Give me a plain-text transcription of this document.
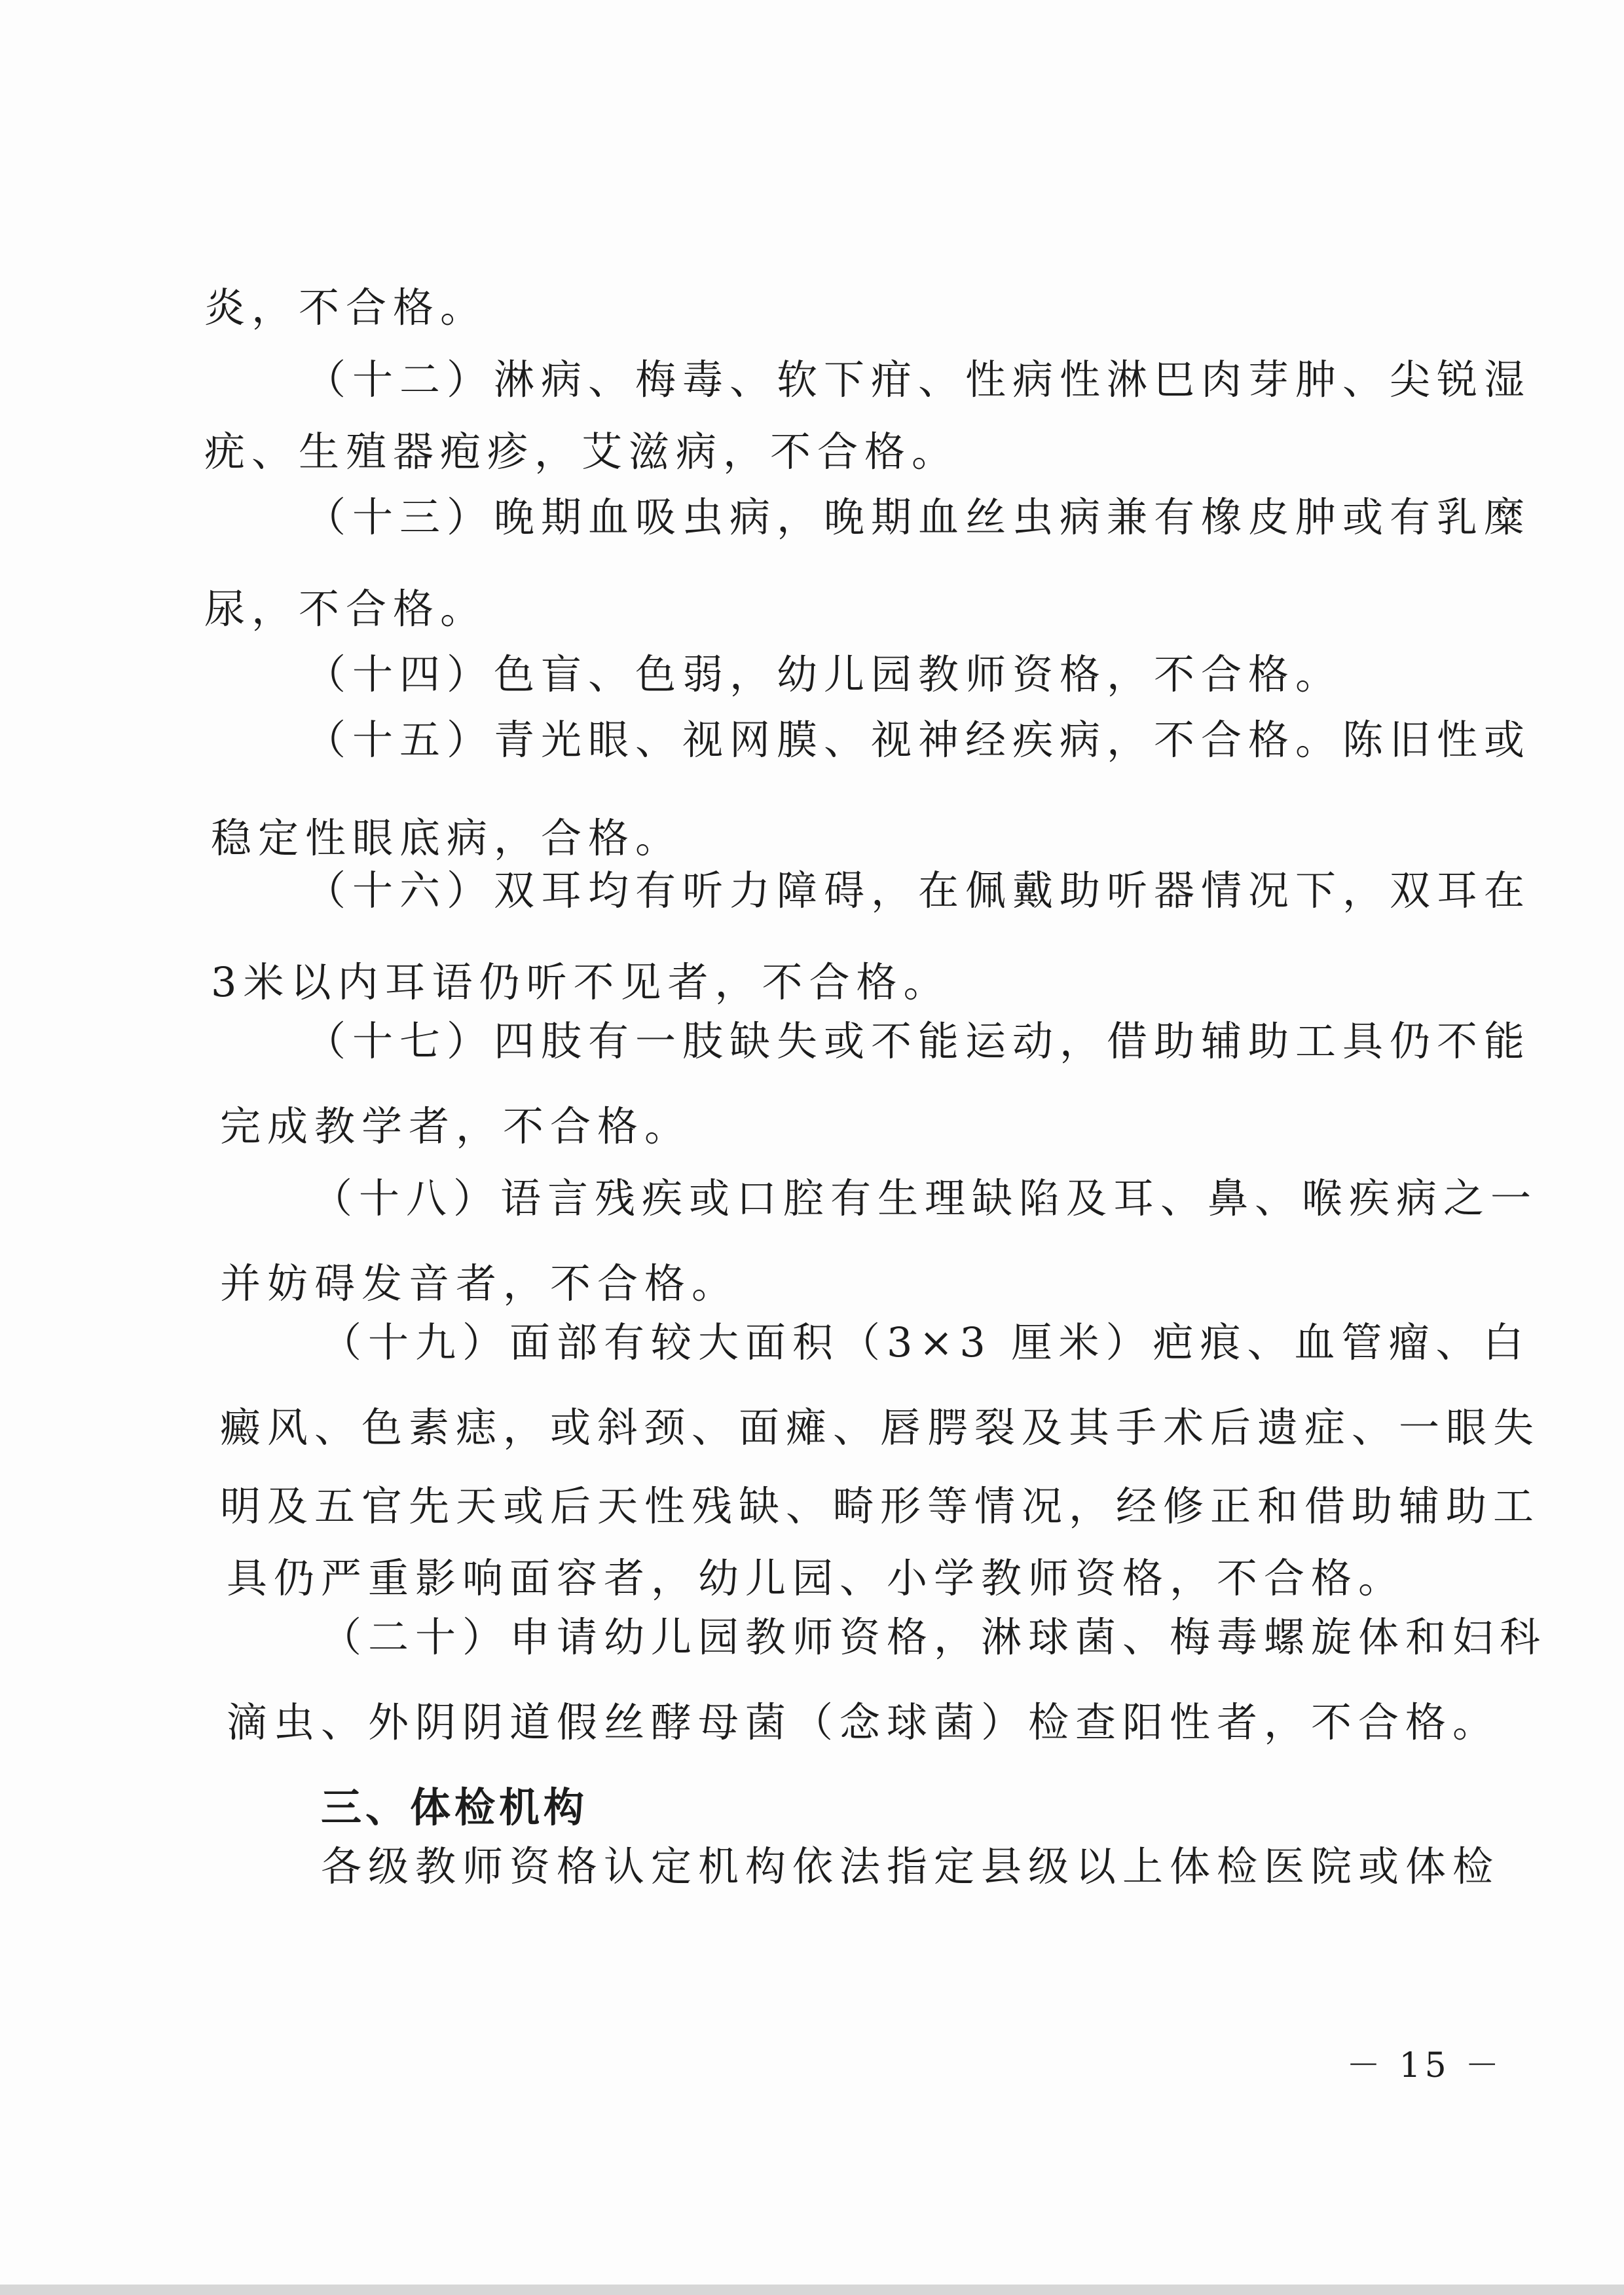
炎，不合格。
（十二）淋病、梅毒、软下疳、性病性淋巴肉芽肿、尖锐湿
疣、生殖器疱疹，艾滋病，不合格。
（十三）晚期血吸虫病，晚期血丝虫病兼有橡皮肿或有乳糜
尿，不合格。
（十四）色盲、色弱，幼儿园教师资格，不合格。
（十五）青光眼、视网膜、视神经疾病，不合格。陈旧性或
稳定性眼底病，合格。
（十六）双耳均有听力障碍，在佩戴助听器情况下，双耳在
3米以内耳语仍听不见者，不合格。
（十七）四肢有一肢缺失或不能运动，借助辅助工具仍不能
完成教学者，不合格。
（十八）语言残疾或口腔有生理缺陷及耳、鼻、喉疾病之一
并妨碍发音者，不合格。
（十九）面部有较大面积（3×3 厘米）疤痕、血管瘤、白
癜风、色素痣，或斜颈、面瘫、唇腭裂及其手术后遗症、一眼失
明及五官先天或后天性残缺、畸形等情况，经修正和借助辅助工
具仍严重影响面容者，幼儿园、小学教师资格，不合格。
（二十）申请幼儿园教师资格，淋球菌、梅毒螺旋体和妇科
滴虫、外阴阴道假丝酵母菌（念球菌）检查阳性者，不合格。
三、体检机构
各级教师资格认定机构依法指定县级以上体检医院或体检
－ 15 －
